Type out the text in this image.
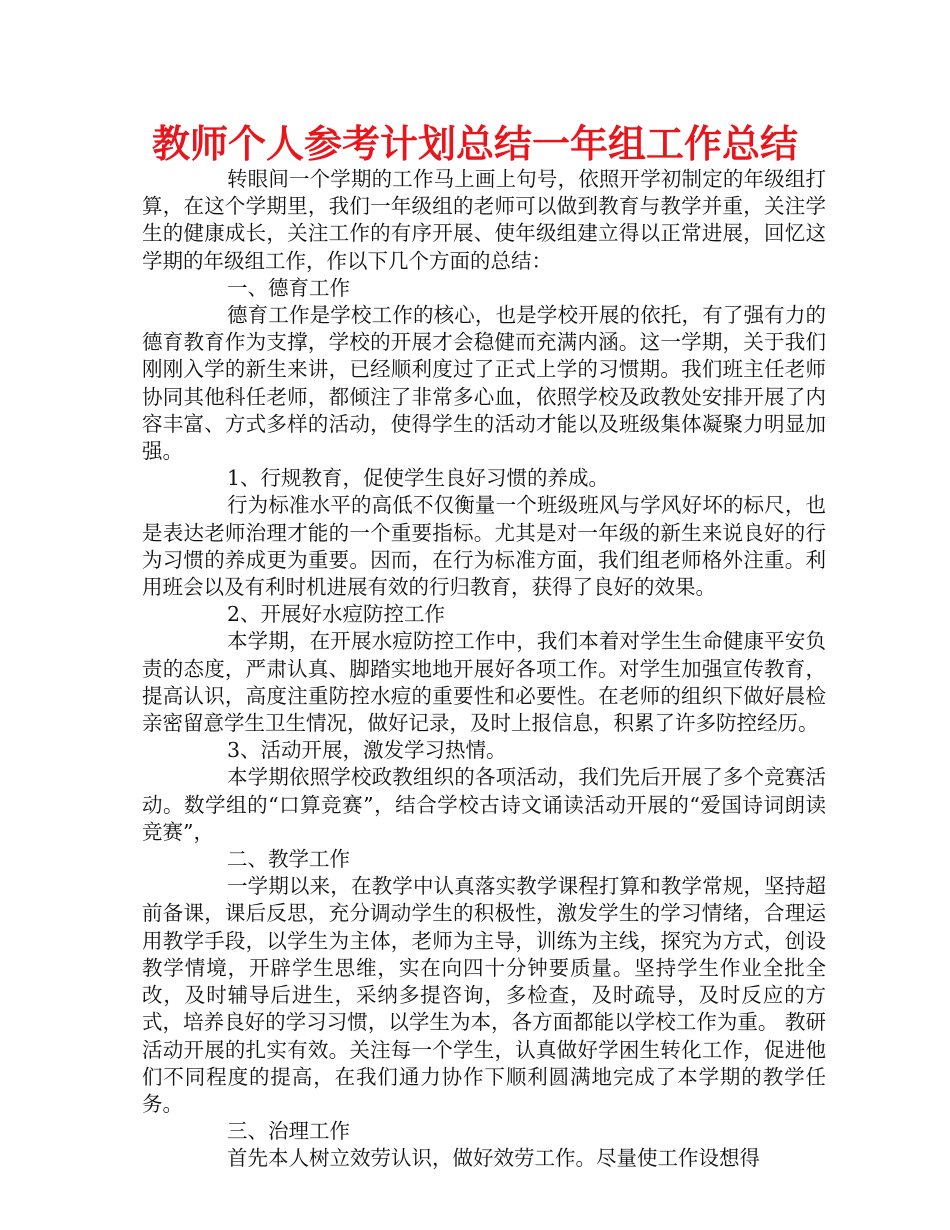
教师个人参考计划总结一年组工作总结

转眼间一个学期的工作马上画上句号，依照开学初制定的年级组打算，在这个学期里，我们一年级组的老师可以做到教育与教学并重，关注学生的健康成长，关注工作的有序开展、使年级组建立得以正常进展，回忆这学期的年级组工作，作以下几个方面的总结：

一、德育工作

德育工作是学校工作的核心，也是学校开展的依托，有了强有力的德育教育作为支撑，学校的开展才会稳健而充满内涵。这一学期，关于我们刚刚入学的新生来讲，已经顺利度过了正式上学的习惯期。我们班主任老师协同其他科任老师，都倾注了非常多心血，依照学校及政教处安排开展了内容丰富、方式多样的活动，使得学生的活动才能以及班级集体凝聚力明显加强。

1、行规教育，促使学生良好习惯的养成。

行为标准水平的高低不仅衡量一个班级班风与学风好坏的标尺，也是表达老师治理才能的一个重要指标。尤其是对一年级的新生来说良好的行为习惯的养成更为重要。因而，在行为标准方面，我们组老师格外注重。利用班会以及有利时机进展有效的行归教育，获得了良好的效果。

2、开展好水痘防控工作

本学期，在开展水痘防控工作中，我们本着对学生生命健康平安负责的态度，严肃认真、脚踏实地地开展好各项工作。对学生加强宣传教育，提高认识，高度注重防控水痘的重要性和必要性。在老师的组织下做好晨检亲密留意学生卫生情况，做好记录，及时上报信息，积累了许多防控经历。

3、活动开展，激发学习热情。

本学期依照学校政教组织的各项活动，我们先后开展了多个竞赛活动。数学组的“口算竞赛”，结合学校古诗文诵读活动开展的“爱国诗词朗读竞赛”，

二、教学工作

一学期以来，在教学中认真落实教学课程打算和教学常规，坚持超前备课，课后反思，充分调动学生的积极性，激发学生的学习情绪，合理运用教学手段，以学生为主体，老师为主导，训练为主线，探究为方式，创设教学情境，开辟学生思维，实在向四十分钟要质量。坚持学生作业全批全改，及时辅导后进生，采纳多提咨询，多检查，及时疏导，及时反应的方式，培养良好的学习习惯，以学生为本，各方面都能以学校工作为重。 教研活动开展的扎实有效。关注每一个学生，认真做好学困生转化工作，促进他们不同程度的提高，在我们通力协作下顺利圆满地完成了本学期的教学任务。

三、治理工作

首先本人树立效劳认识，做好效劳工作。尽量使工作设想得
